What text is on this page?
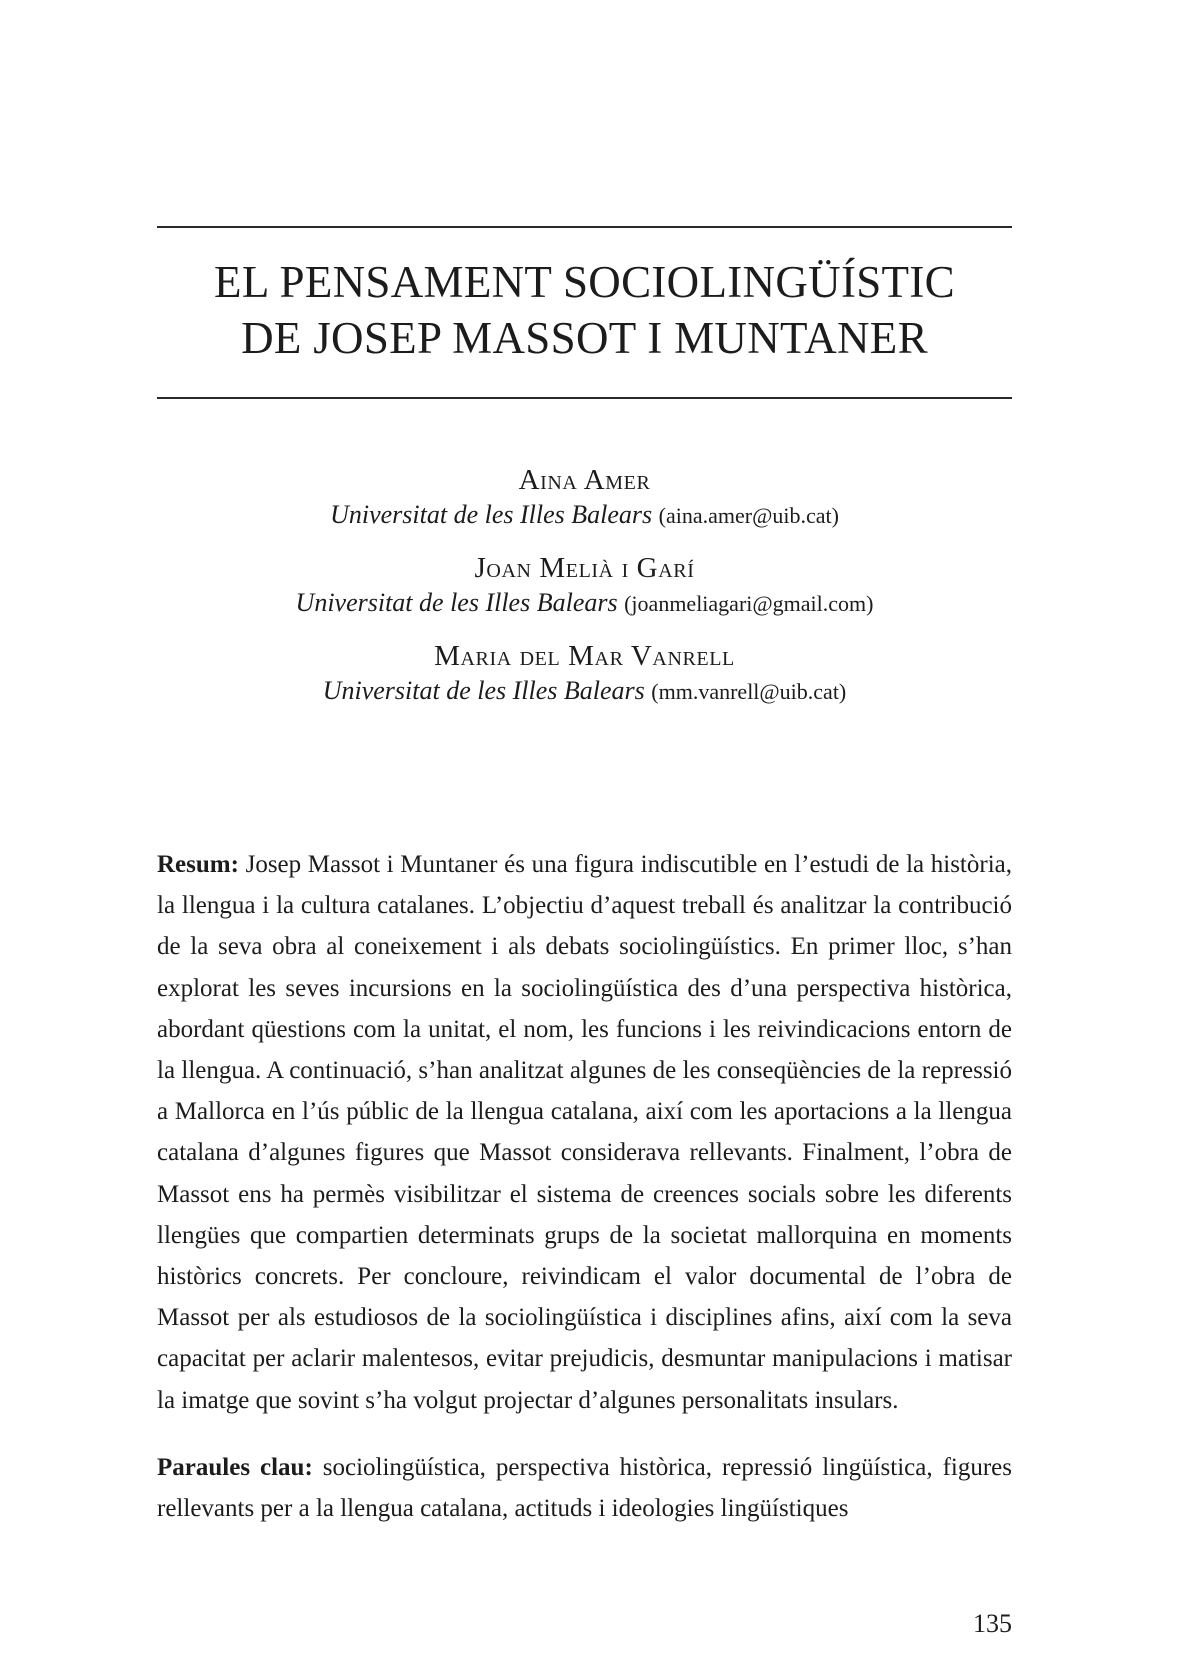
EL PENSAMENT SOCIOLINGÜÍSTIC
DE JOSEP MASSOT I MUNTANER
Aina Amer
Universitat de les Illes Balears (aina.amer@uib.cat)
Joan Melià i Garí
Universitat de les Illes Balears (joanmeliagari@gmail.com)
Maria del Mar Vanrell
Universitat de les Illes Balears (mm.vanrell@uib.cat)

Resum: Josep Massot i Muntaner és una figura indiscutible en l’estudi de la història, la llengua i la cultura catalanes. L’objectiu d’aquest treball és analitzar la contribució de la seva obra al coneixement i als debats sociolingüístics. En primer lloc, s’han explorat les seves incursions en la sociolingüística des d’una perspectiva històrica, abordant qüestions com la unitat, el nom, les funcions i les reivindicacions entorn de la llengua. A continuació, s’han analitzat algunes de les conseqüències de la repressió a Mallorca en l’ús públic de la llengua catalana, així com les aportacions a la llengua catalana d’algunes figures que Massot considerava rellevants. Finalment, l’obra de Massot ens ha permès visibilitzar el sistema de creences socials sobre les diferents llengües que compartien determinats grups de la societat mallorquina en moments històrics concrets. Per concloure, reivindicam el valor documental de l’obra de Massot per als estudiosos de la sociolingüística i disciplines afins, així com la seva capacitat per aclarir malentesos, evitar prejudicis, desmuntar manipulacions i matisar la imatge que sovint s’ha volgut projectar d’algunes personalitats insulars.

Paraules clau: sociolingüística, perspectiva històrica, repressió lingüística, figures rellevants per a la llengua catalana, actituds i ideologies lingüístiques

135
